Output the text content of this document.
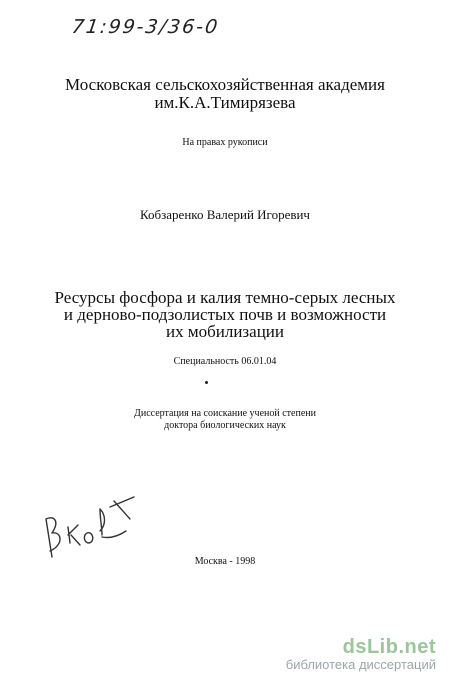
71:99-3/36-0
Московская сельскохозяйственная академия
им.К.А.Тимирязева
На правах рукописи
Кобзаренко Валерий Игоревич
Ресурсы фосфора и калия темно-серых лесных
и дерново-подзолистых почв и возможности
их мобилизации
Специальность 06.01.04
Диссертация на соискание ученой степени
доктора биологических наук
Москва - 1998
dsLib.net
библиотека диссертаций
